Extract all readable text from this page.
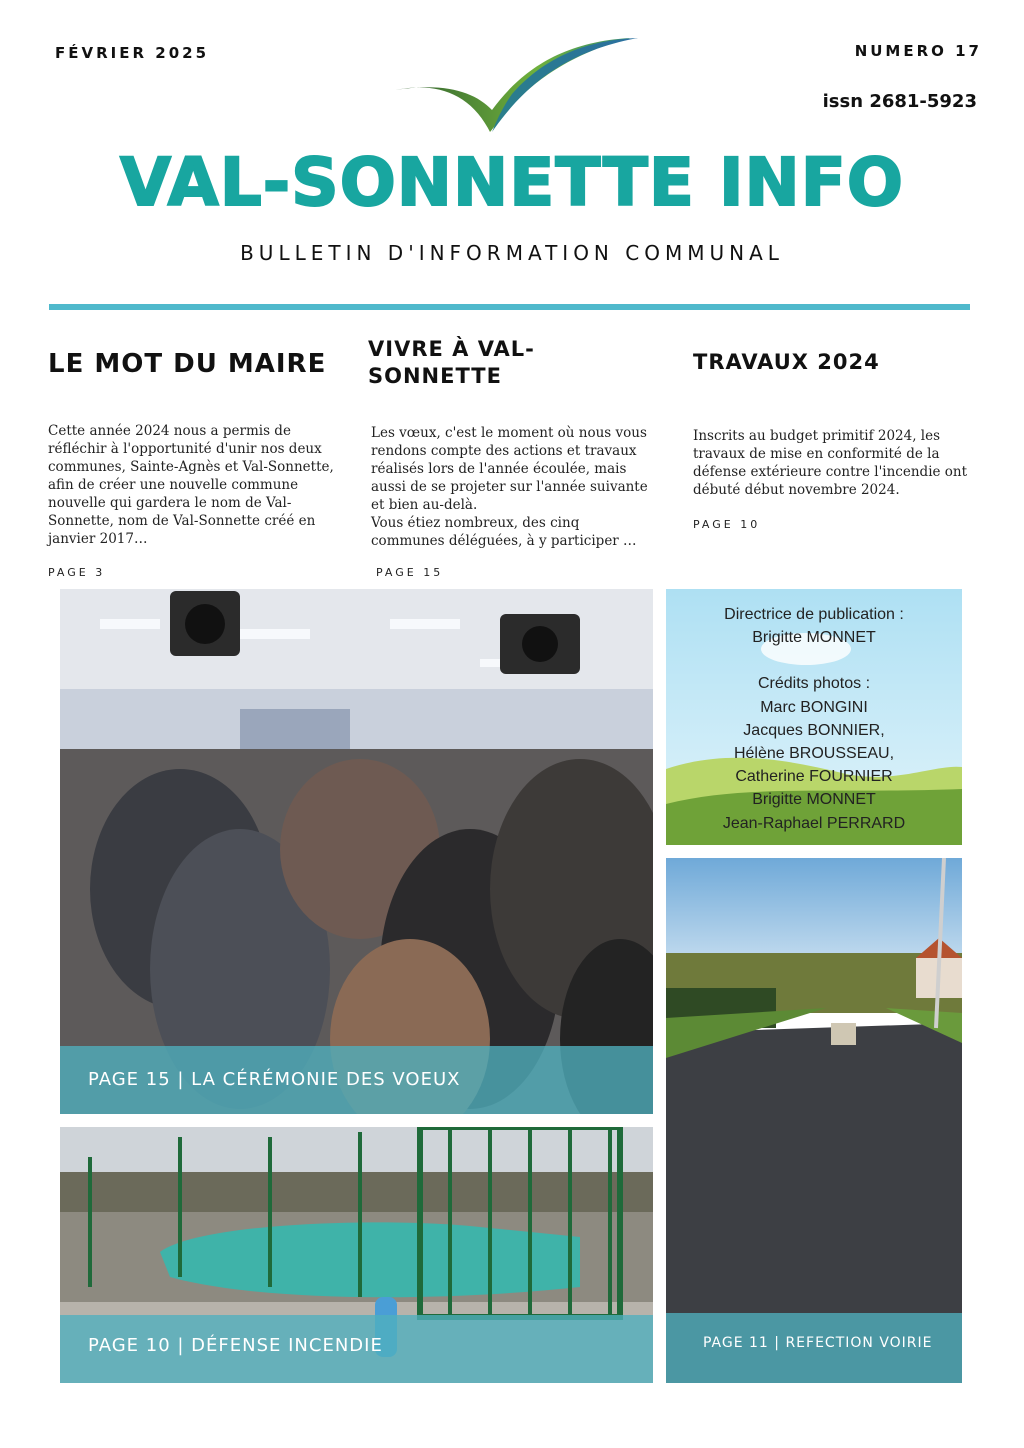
FÉVRIER 2025	NUMERO 17
issn 2681-5923
VAL-SONNETTE INFO
BULLETIN D'INFORMATION COMMUNAL
LE MOT DU MAIRE
Cette année 2024 nous a permis de réfléchir à l'opportunité d'unir nos deux communes, Sainte-Agnès et Val-Sonnette, afin de créer une nouvelle commune nouvelle qui gardera le nom de Val-Sonnette, nom de Val-Sonnette créé en janvier 2017…
PAGE 3
VIVRE À VAL-SONNETTE
Les vœux, c'est le moment où nous vous rendons compte des actions et travaux réalisés lors de l'année écoulée, mais aussi de se projeter sur l'année suivante et bien au-delà.
Vous étiez nombreux, des cinq communes déléguées, à y participer …
PAGE 15
TRAVAUX 2024
Inscrits au budget primitif 2024, les travaux de mise en conformité de la défense extérieure contre l'incendie ont débuté début novembre 2024.
PAGE 10
PAGE 15 | LA CÉRÉMONIE DES VOEUX
Directrice de publication :
Brigitte MONNET
Crédits photos :
Marc BONGINI
Jacques BONNIER,
Hélène BROUSSEAU,
Catherine FOURNIER
Brigitte MONNET
Jean-Raphael PERRARD
PAGE 11 | REFECTION VOIRIE
PAGE 10 | DÉFENSE INCENDIE
